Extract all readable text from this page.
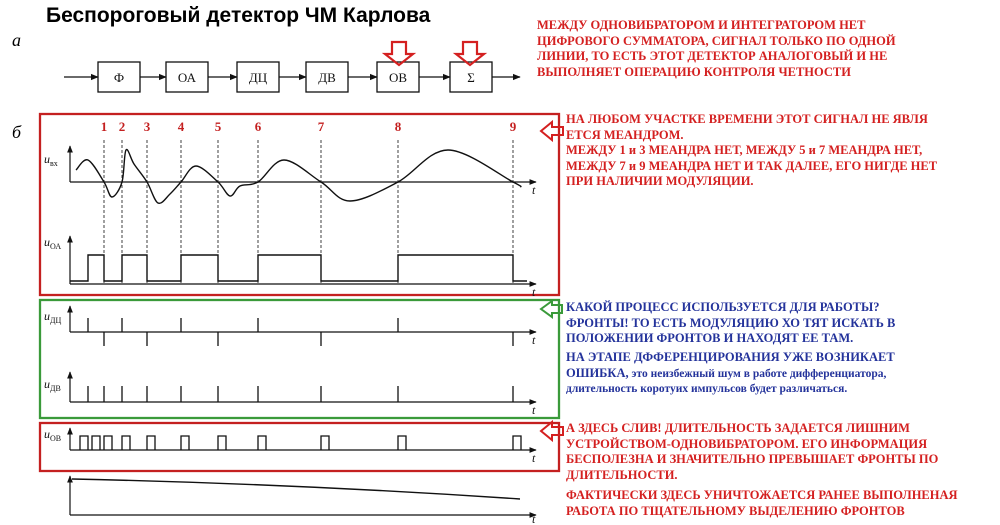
а
б
Ф	ОА	ДЦ	ДВ	ОВ	Σ
t
$u_{вх}$
t
$u_{ОА}$
1 2 3 4 5	6	7	8	9
t
$u_{ДЦ}$
t
$u_{ДВ}$
t
$u_{ОВ}$
t
Беспороговый детектор ЧМ Карлова	МЕЖДУ ОДНОВИБРАТОРОМ И ИНТЕГРАТОРОМ НЕТ
ЦИФРОВОГО СУММАТОРА, СИГНАЛ ТОЛЬКО ПО ОДНОЙ
ЛИНИИ, ТО ЕСТЬ ЭТОТ ДЕТЕКТОР АНАЛОГОВЫЙ И НЕ
ВЫПОЛНЯЕТ ОПЕРАЦИЮ КОНТРОЛЯ ЧЕТНОСТИ
НА ЛЮБОМ УЧАСТКЕ ВРЕМЕНИ ЭТОТ СИГНАЛ НЕ ЯВЛЯ
ЕТСЯ МЕАНДРОМ.
МЕЖДУ 1 и 3 МЕАНДРА НЕТ, МЕЖДУ 5 и 7 МЕАНДРА НЕТ,
МЕЖДУ 7 и 9 МЕАНДРА НЕТ И ТАК ДАЛЕЕ, ЕГО НИГДЕ НЕТ
ПРИ НАЛИЧИИ МОДУЛЯЦИИ.
КАКОЙ ПРОЦЕСС ИСПОЛЬЗУЕТСЯ ДЛЯ РАБОТЫ?
ФРОНТЫ! ТО ЕСТЬ МОДУЛЯЦИЮ ХО ТЯТ ИСКАТЬ В
ПОЛОЖЕНИИ ФРОНТОВ И НАХОДЯТ ЕЕ ТАМ.
НА ЭТАПЕ ДФФЕРЕНЦИРОВАНИЯ УЖЕ ВОЗНИКАЕТ
ОШИБКА, это неизбежный шум в работе дифференциатора,
длительность коротуих импульсов будет различаться.
А ЗДЕСЬ СЛИВ! ДЛИТЕЛЬНОСТЬ ЗАДАЕТСЯ ЛИШНИМ
УСТРОЙСТВОМ-ОДНОВИБРАТОРОМ. ЕГО ИНФОРМАЦИЯ
БЕСПОЛЕЗНА И ЗНАЧИТЕЛЬНО ПРЕВЫШАЕТ ФРОНТЫ ПО
ДЛИТЕЛЬНОСТИ.
ФАКТИЧЕСКИ ЗДЕСЬ УНИЧТОЖАЕТСЯ РАНЕЕ ВЫПОЛНЕНАЯ
РАБОТА ПО ТЩАТЕЛЬНОМУ ВЫДЕЛЕНИЮ ФРОНТОВ
